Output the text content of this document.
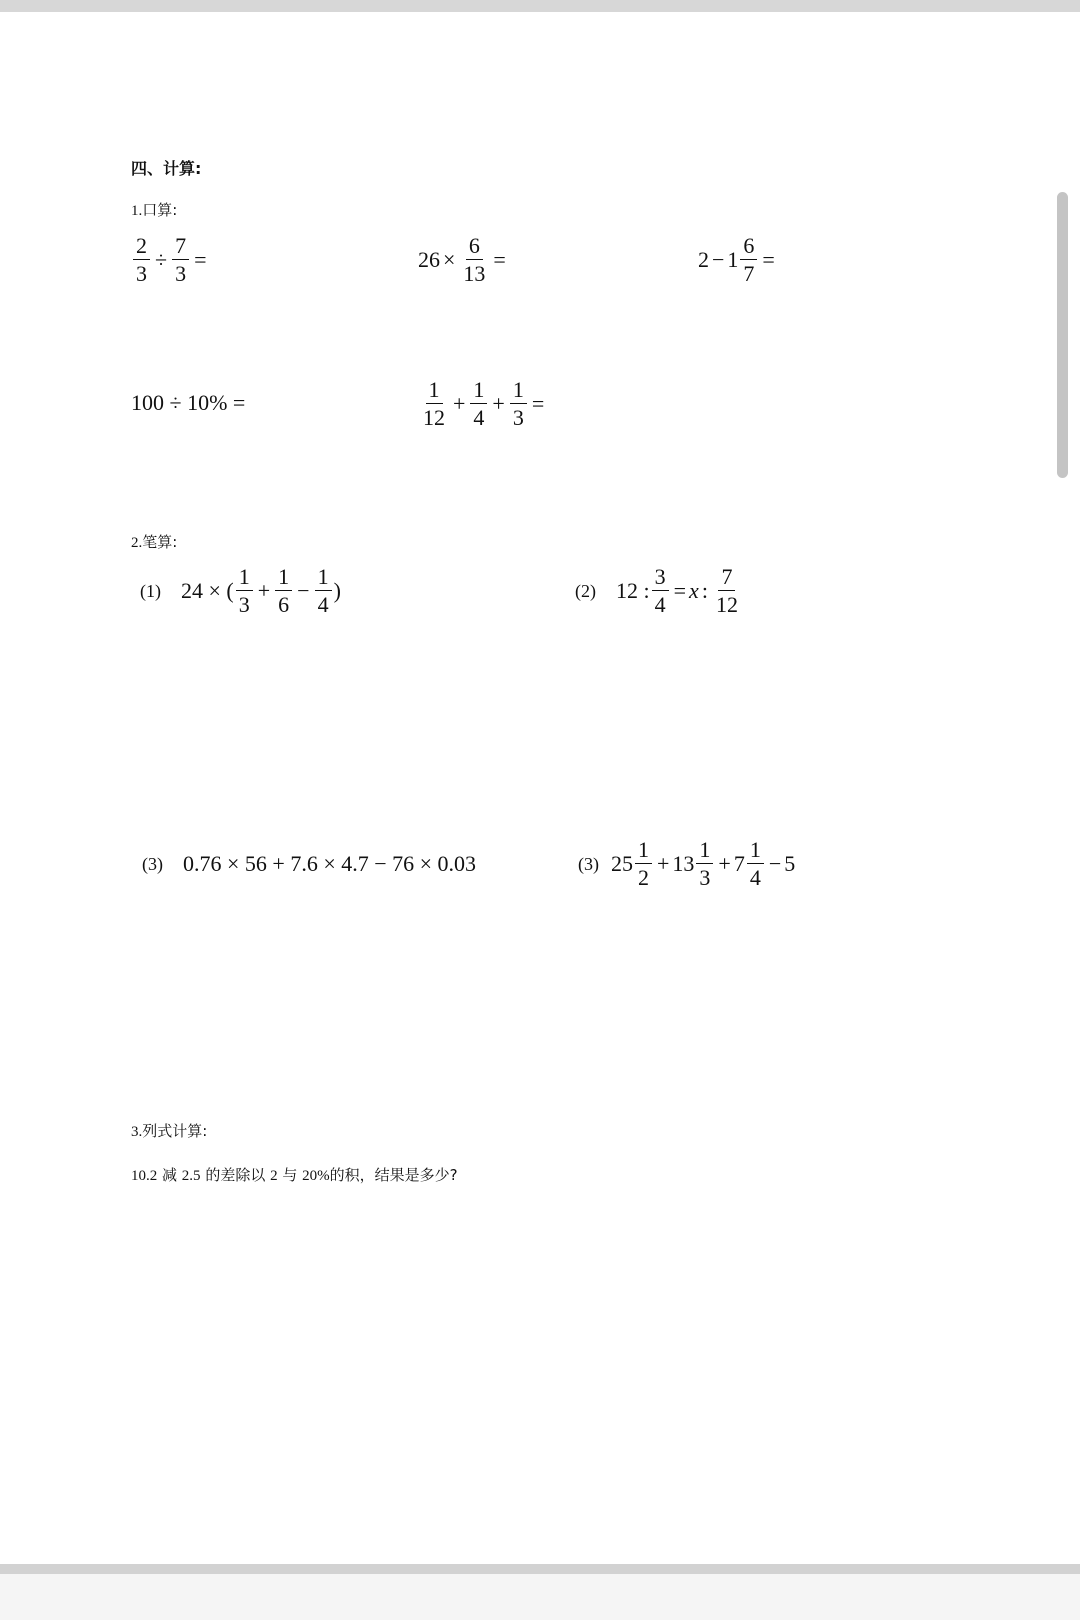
四、计算:
1.口算:
$\frac{2}{3} \div \frac{7}{3}$ =	$26 \times \frac{6}{13}$ =	$2 - 1 \frac{6}{7}$ =
100 ÷ 10% =	$\frac{1}{12} + \frac{1}{4} + \frac{1}{3}$ =
2.笔算:
(1) 24 × ( $\frac{1}{3} + \frac{1}{6} - \frac{1}{4}$ )	(2) 12 : $\frac{3}{4} = x$ : $\frac{7}{12}$
(3) 0.76 × 56 + 7.6 × 4.7 − 76 × 0.03	(3) $25 \frac{1}{2} + 13 \frac{1}{3} + 7 \frac{1}{4} - 5$
3.列式计算:
10.2 减 2.5 的差除以 2 与 20%的积，结果是多少?
